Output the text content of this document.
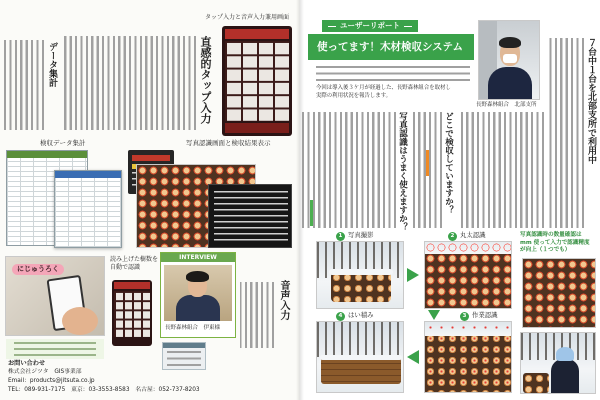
データ集計	直感的タップ入力
タップ入力と音声入力兼用画面
検収データ集計	写真認識画面と検収結果表示
にじゅうろく
読み上げた樹数を自動で認識
INTERVIEW
長野森林組合　伊東様
音声入力
お問い合わせ
株式会社ジツタ　GIS事業部
Email：products@jitsuta.co.jp
TEL：089-931-7175　東京：03-3553-8583　名古屋：052-737-8203
ユーザーリポート
使ってます！木材検収システム
今回は導入後３ケ月が経過した、長野森林組合を取材し
実際の利用状況を報告します。
長野森林組合　北部支所	７台中１台を北部支所で利用中
どこで検収していますか？
写真認識はうまく使えますか？
1 写真撮影	2 丸太認識
3 作業認識
4 はい積み
写真認識時の数量確認は
mm 使って入力で認識精度
が向上（１つでも）
